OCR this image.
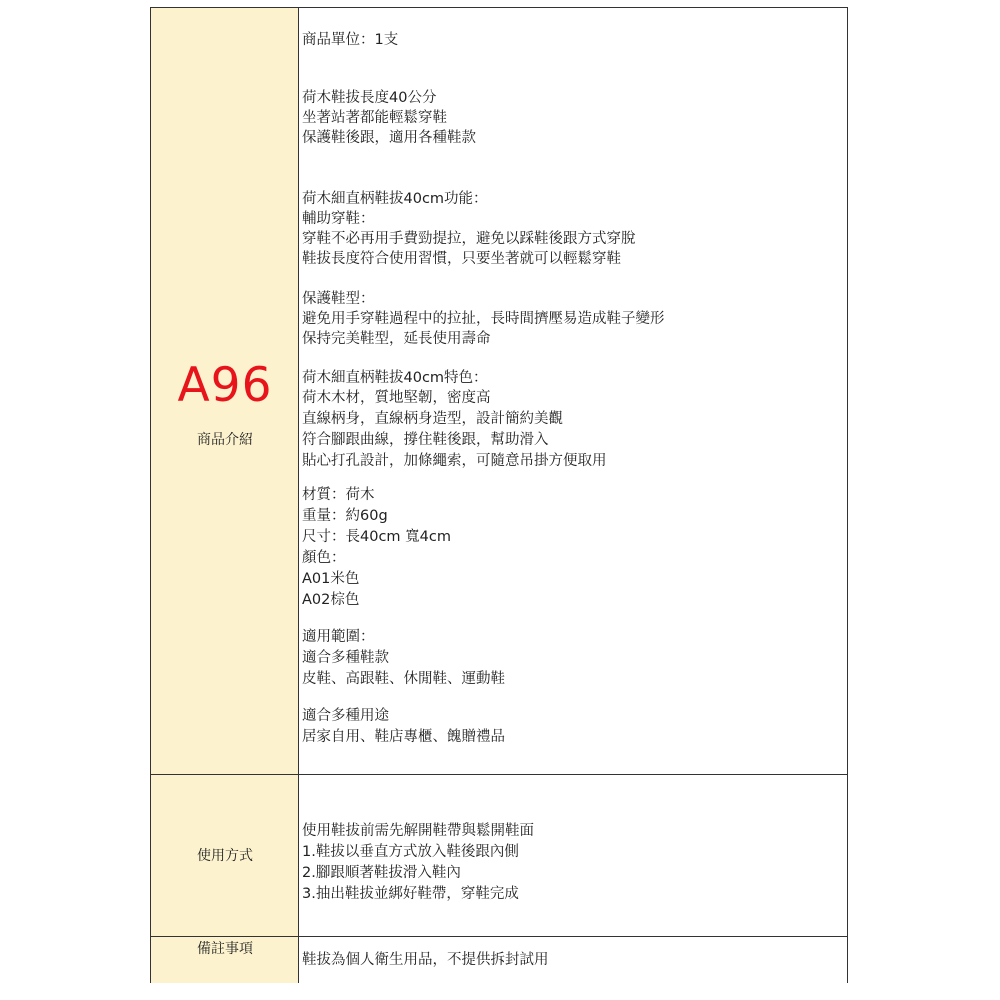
A96
商品介紹
商品單位：1支
荷木鞋拔長度40公分
坐著站著都能輕鬆穿鞋
保護鞋後跟，適用各種鞋款
荷木細直柄鞋拔40cm功能：
輔助穿鞋：
穿鞋不必再用手費勁提拉，避免以踩鞋後跟方式穿脫
鞋拔長度符合使用習慣，只要坐著就可以輕鬆穿鞋
保護鞋型：
避免用手穿鞋過程中的拉扯，長時間擠壓易造成鞋子變形
保持完美鞋型，延長使用壽命
荷木細直柄鞋拔40cm特色：
荷木木材，質地堅韌，密度高
直線柄身，直線柄身造型，設計簡約美觀
符合腳跟曲線，撐住鞋後跟，幫助滑入
貼心打孔設計，加條繩索，可隨意吊掛方便取用
材質：荷木
重量：約60g
尺寸：長40cm 寬4cm
顏色：
A01米色
A02棕色
適用範圍：
適合多種鞋款
皮鞋、高跟鞋、休閒鞋、運動鞋
適合多種用途
居家自用、鞋店專櫃、餽贈禮品
使用方式
使用鞋拔前需先解開鞋帶與鬆開鞋面
1.鞋拔以垂直方式放入鞋後跟內側
2.腳跟順著鞋拔滑入鞋內
3.抽出鞋拔並綁好鞋帶，穿鞋完成
備註事項
鞋拔為個人衛生用品，不提供拆封試用
